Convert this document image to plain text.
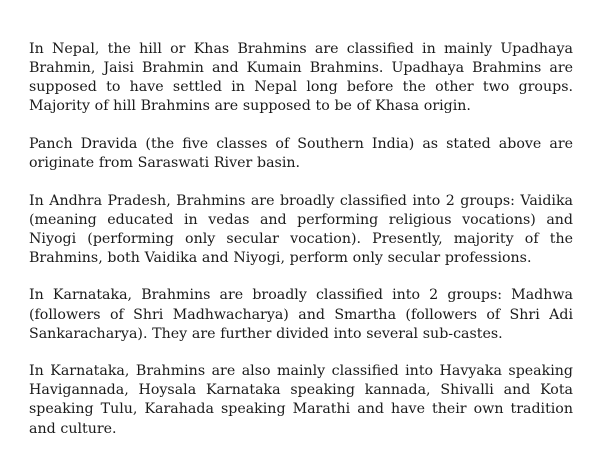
In Nepal, the hill or Khas Brahmins are classified in mainly Upadhaya Brahmin, Jaisi Brahmin and Kumain Brahmins. Upadhaya Brahmins are supposed to have settled in Nepal long before the other two groups. Majority of hill Brahmins are supposed to be of Khasa origin.

Panch Dravida (the five classes of Southern India) as stated above are originate from Saraswati River basin.

In Andhra Pradesh, Brahmins are broadly classified into 2 groups: Vaidika (meaning educated in vedas and performing religious vocations) and Niyogi (performing only secular vocation). Presently, majority of the Brahmins, both Vaidika and Niyogi, perform only secular professions.

In Karnataka, Brahmins are broadly classified into 2 groups: Madhwa (followers of Shri Madhwacharya) and Smartha (followers of Shri Adi Sankaracharya). They are further divided into several sub-castes.

In Karnataka, Brahmins are also mainly classified into Havyaka speaking Havigannada, Hoysala Karnataka speaking kannada, Shivalli and Kota speaking Tulu, Karahada speaking Marathi and have their own tradition and culture.
